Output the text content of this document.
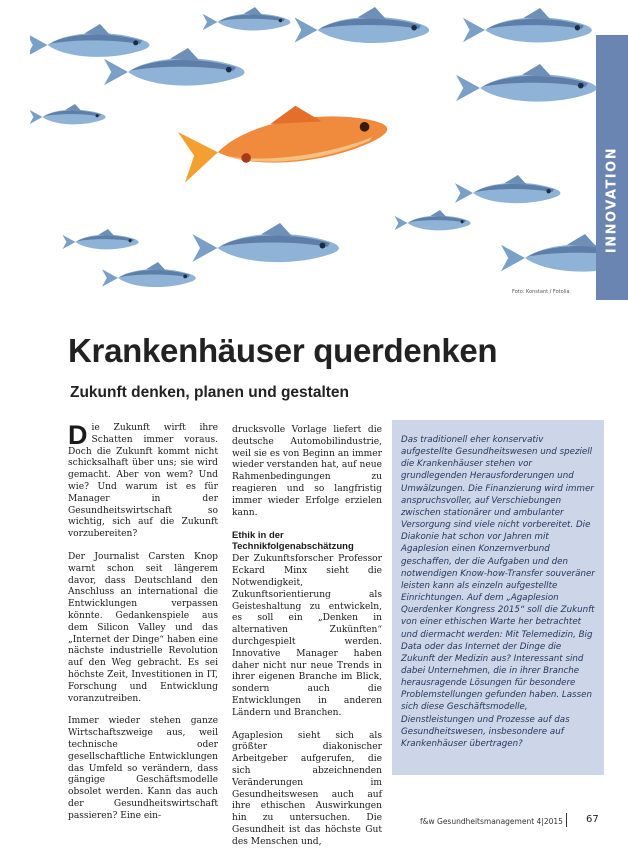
Foto: Konstant / Fotolia
INNOVATION
Krankenhäuser querdenken
Zukunft denken, planen und gestalten

Die Zukunft wirft ihre Schatten immer voraus. Doch die Zukunft kommt nicht schicksalhaft über uns; sie wird gemacht. Aber von wem? Und wie? Und warum ist es für Manager in der Gesundheitswirtschaft so wichtig, sich auf die Zukunft vorzubereiten?

Der Journalist Carsten Knop warnt schon seit längerem davor, dass Deutschland den Anschluss an international die Entwicklungen verpassen könnte. Gedankenspiele aus dem Silicon Valley und das „Internet der Dinge“ haben eine nächste industrielle Revolution auf den Weg gebracht. Es sei höchste Zeit, Investitionen in IT, Forschung und Entwicklung voranzutreiben.

Immer wieder stehen ganze Wirtschaftszweige aus, weil technische oder gesellschaftliche Entwicklungen das Umfeld so verändern, dass gängige Geschäftsmodelle obsolet werden. Kann das auch der Gesundheitswirtschaft passieren? Eine ein-

drucksvolle Vorlage liefert die deutsche Automobilindustrie, weil sie es von Beginn an immer wieder verstanden hat, auf neue Rahmenbedingungen zu reagieren und so langfristig immer wieder Erfolge erzielen kann.

Ethik in der Technikfolgenabschätzung

Der Zukunftsforscher Professor Eckard Minx sieht die Notwendigkeit, Zukunftsorientierung als Geisteshaltung zu entwickeln, es soll ein „Denken in alternativen Zukünften“ durchgespielt werden. Innovative Manager haben daher nicht nur neue Trends in ihrer eigenen Branche im Blick, sondern auch die Entwicklungen in anderen Ländern und Branchen.

Agaplesion sieht sich als größter diakonischer Arbeitgeber aufgerufen, die sich abzeichnenden Veränderungen im Gesundheitswesen auch auf ihre ethischen Auswirkungen hin zu untersuchen. Die Gesundheit ist das höchste Gut des Menschen und,

Das traditionell eher konservativ aufgestellte Gesundheitswesen und speziell die Krankenhäuser stehen vor grundlegenden Herausforderungen und Umwälzungen. Die Finanzierung wird immer anspruchsvoller, auf Verschiebungen zwischen stationärer und ambulanter Versorgung sind viele nicht vorbereitet. Die Diakonie hat schon vor Jahren mit Agaplesion einen Konzernverbund geschaffen, der die Aufgaben und den notwendigen Know-how-Transfer souveräner leisten kann als einzeln aufgestellte Einrichtungen. Auf dem „Agaplesion Querdenker Kongress 2015“ soll die Zukunft von einer ethischen Warte her betrachtet und diermacht werden: Mit Telemedizin, Big Data oder das Internet der Dinge die Zukunft der Medizin aus? Interessant sind dabei Unternehmen, die in ihrer Branche herausragende Lösungen für besondere Problemstellungen gefunden haben. Lassen sich diese Geschäftsmodelle, Dienstleistungen und Prozesse auf das Gesundheitswesen, insbesondere auf Krankenhäuser übertragen?
f&w Gesundheitsmanagement 4|2015 67
